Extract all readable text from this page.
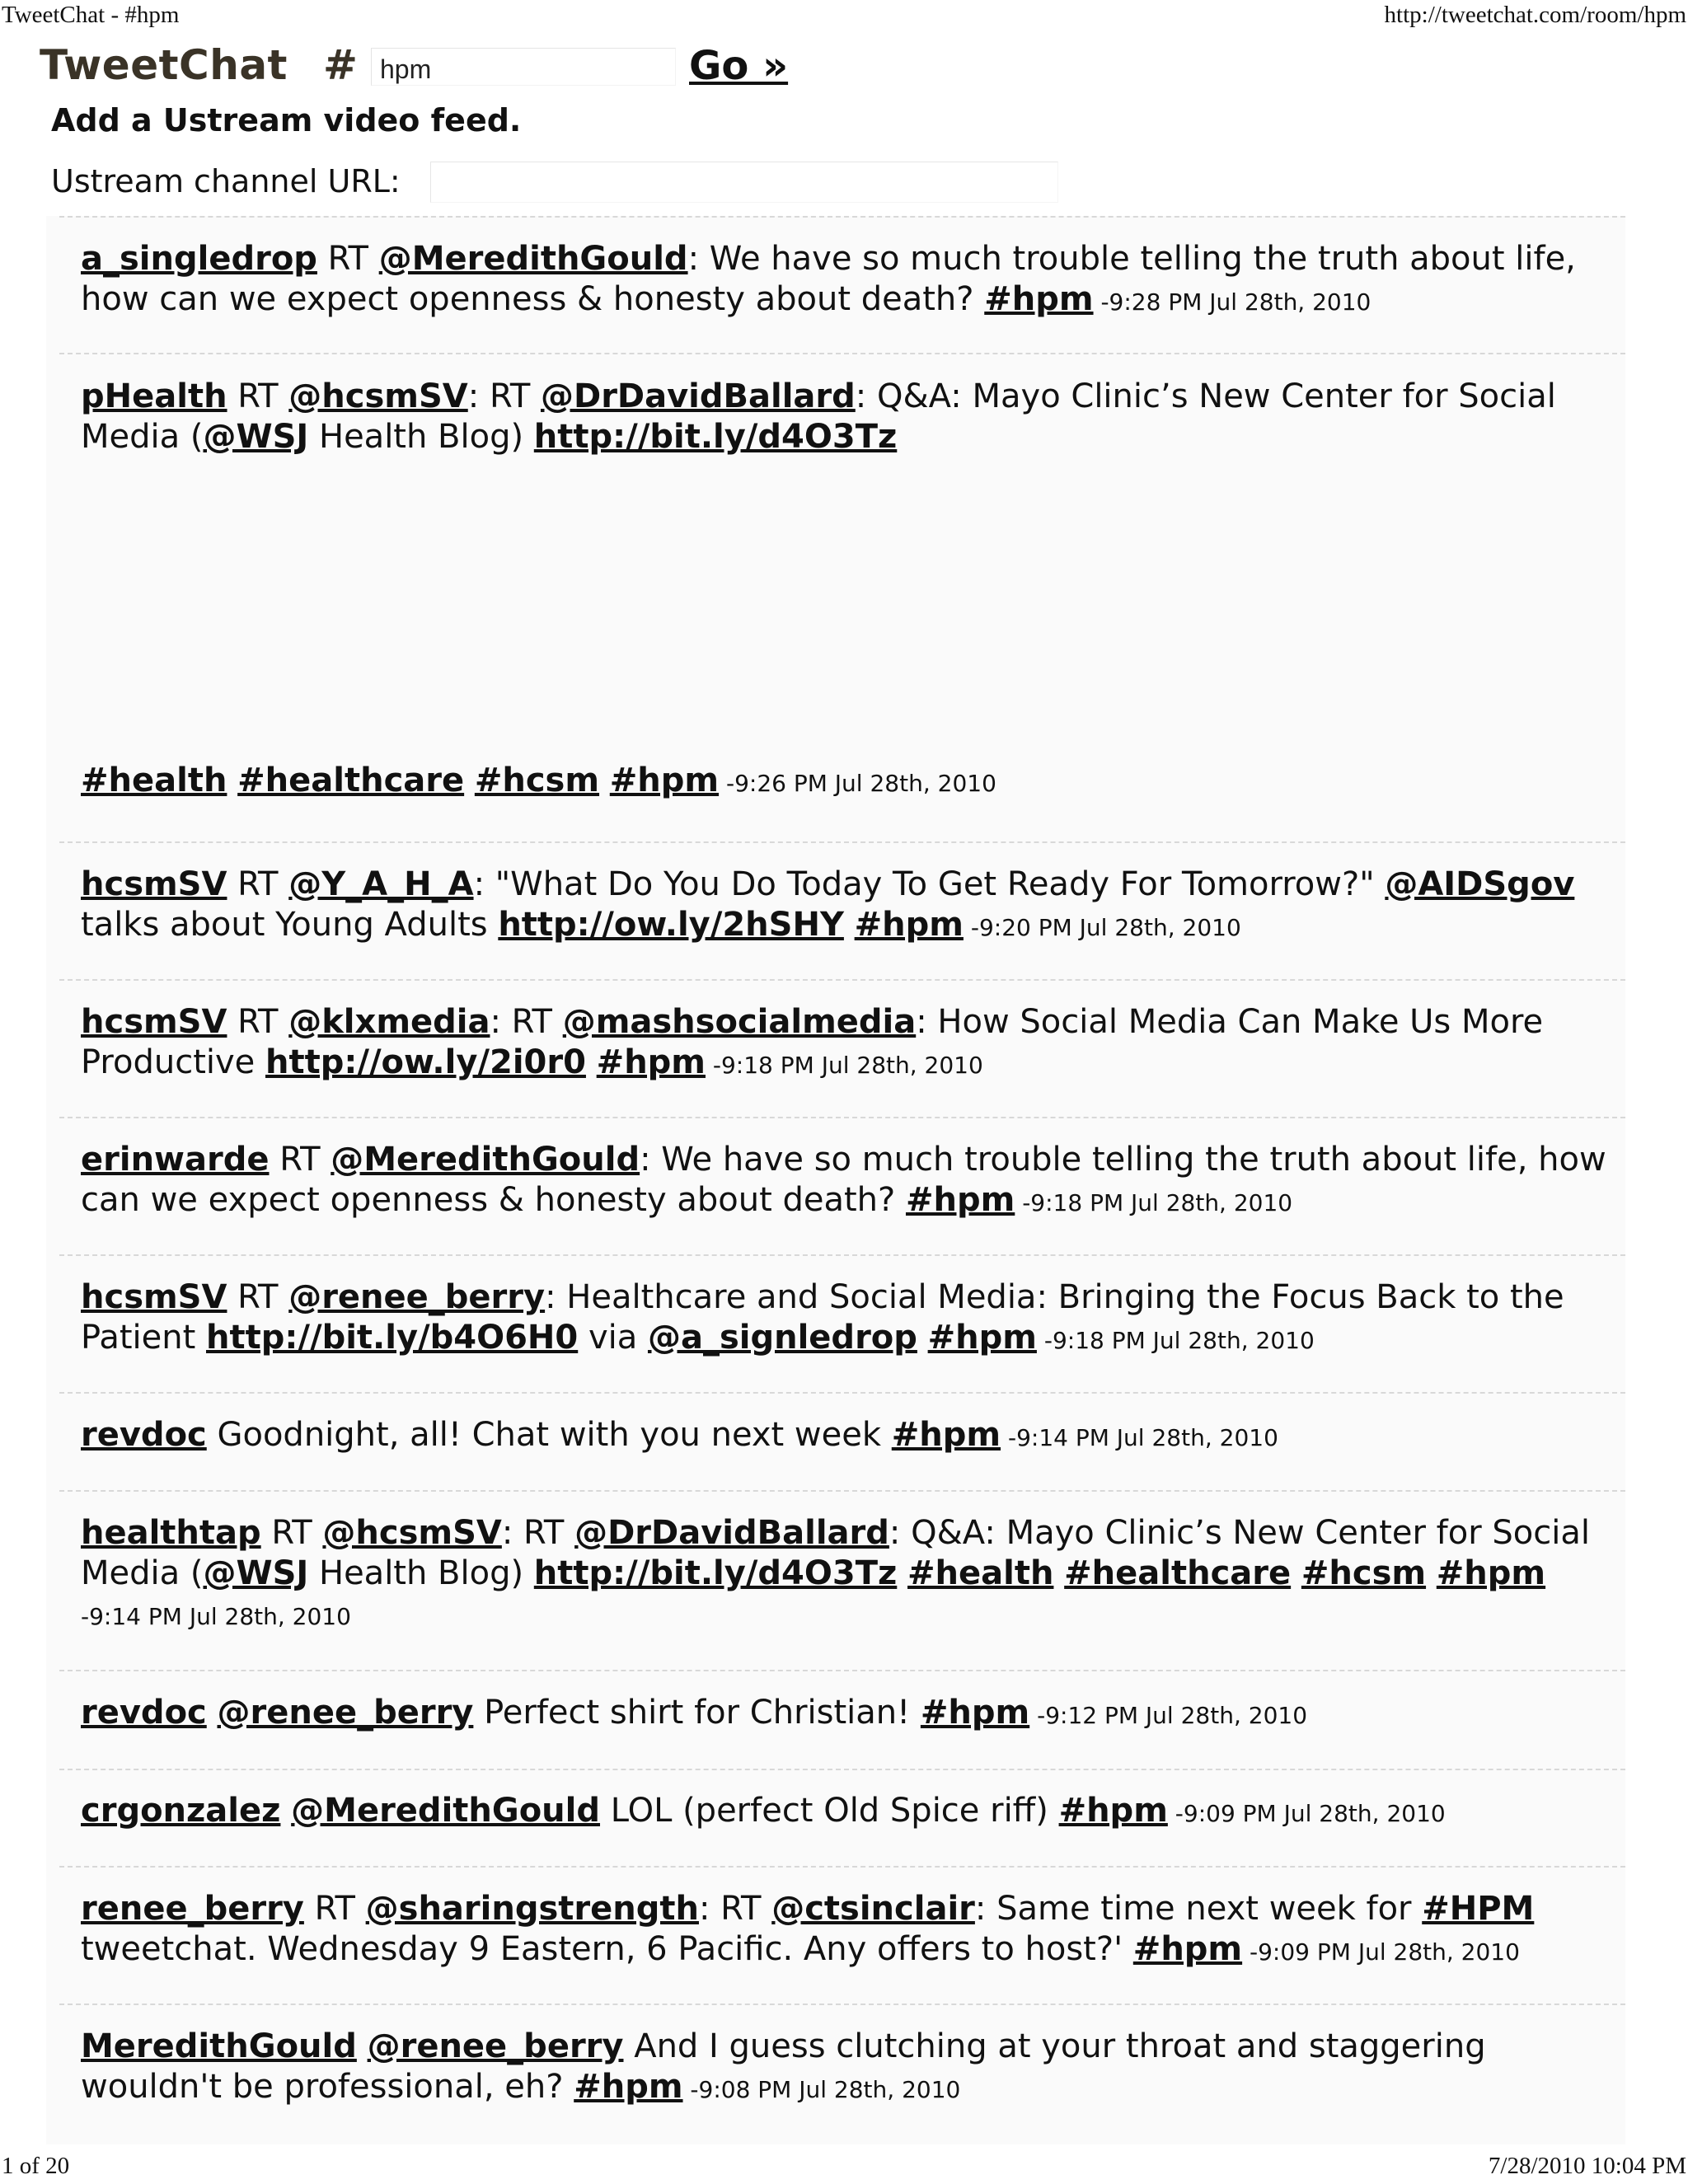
TweetChat - #hpm	http://tweetchat.com/room/hpm
TweetChat #
hpm	Go »
Add a Ustream video feed.
Ustream channel URL:
a_singledrop RT @MeredithGould: We have so much trouble telling the truth about life, how can we expect openness & honesty about death? #hpm -9:28 PM Jul 28th, 2010
pHealth RT @hcsmSV: RT @DrDavidBallard: Q&A: Mayo Clinic’s New Center for Social Media (@WSJ Health Blog) http://bit.ly/d4O3Tz
#health #healthcare #hcsm #hpm -9:26 PM Jul 28th, 2010
hcsmSV RT @Y_A_H_A: "What Do You Do Today To Get Ready For Tomorrow?" @AIDSgov talks about Young Adults http://ow.ly/2hSHY #hpm -9:20 PM Jul 28th, 2010
hcsmSV RT @klxmedia: RT @mashsocialmedia: How Social Media Can Make Us More Productive http://ow.ly/2i0r0 #hpm -9:18 PM Jul 28th, 2010
erinwarde RT @MeredithGould: We have so much trouble telling the truth about life, how can we expect openness & honesty about death? #hpm -9:18 PM Jul 28th, 2010
hcsmSV RT @renee_berry: Healthcare and Social Media: Bringing the Focus Back to the Patient http://bit.ly/b4O6H0 via @a_signledrop #hpm -9:18 PM Jul 28th, 2010
revdoc Goodnight, all! Chat with you next week #hpm -9:14 PM Jul 28th, 2010
healthtap RT @hcsmSV: RT @DrDavidBallard: Q&A: Mayo Clinic’s New Center for Social Media (@WSJ Health Blog) http://bit.ly/d4O3Tz #health #healthcare #hcsm #hpm -9:14 PM Jul 28th, 2010
revdoc @renee_berry Perfect shirt for Christian! #hpm -9:12 PM Jul 28th, 2010
crgonzalez @MeredithGould LOL (perfect Old Spice riff) #hpm -9:09 PM Jul 28th, 2010
renee_berry RT @sharingstrength: RT @ctsinclair: Same time next week for #HPM tweetchat. Wednesday 9 Eastern, 6 Pacific. Any offers to host?' #hpm -9:09 PM Jul 28th, 2010
MeredithGould @renee_berry And I guess clutching at your throat and staggering wouldn't be professional, eh? #hpm -9:08 PM Jul 28th, 2010
1 of 20	7/28/2010 10:04 PM
